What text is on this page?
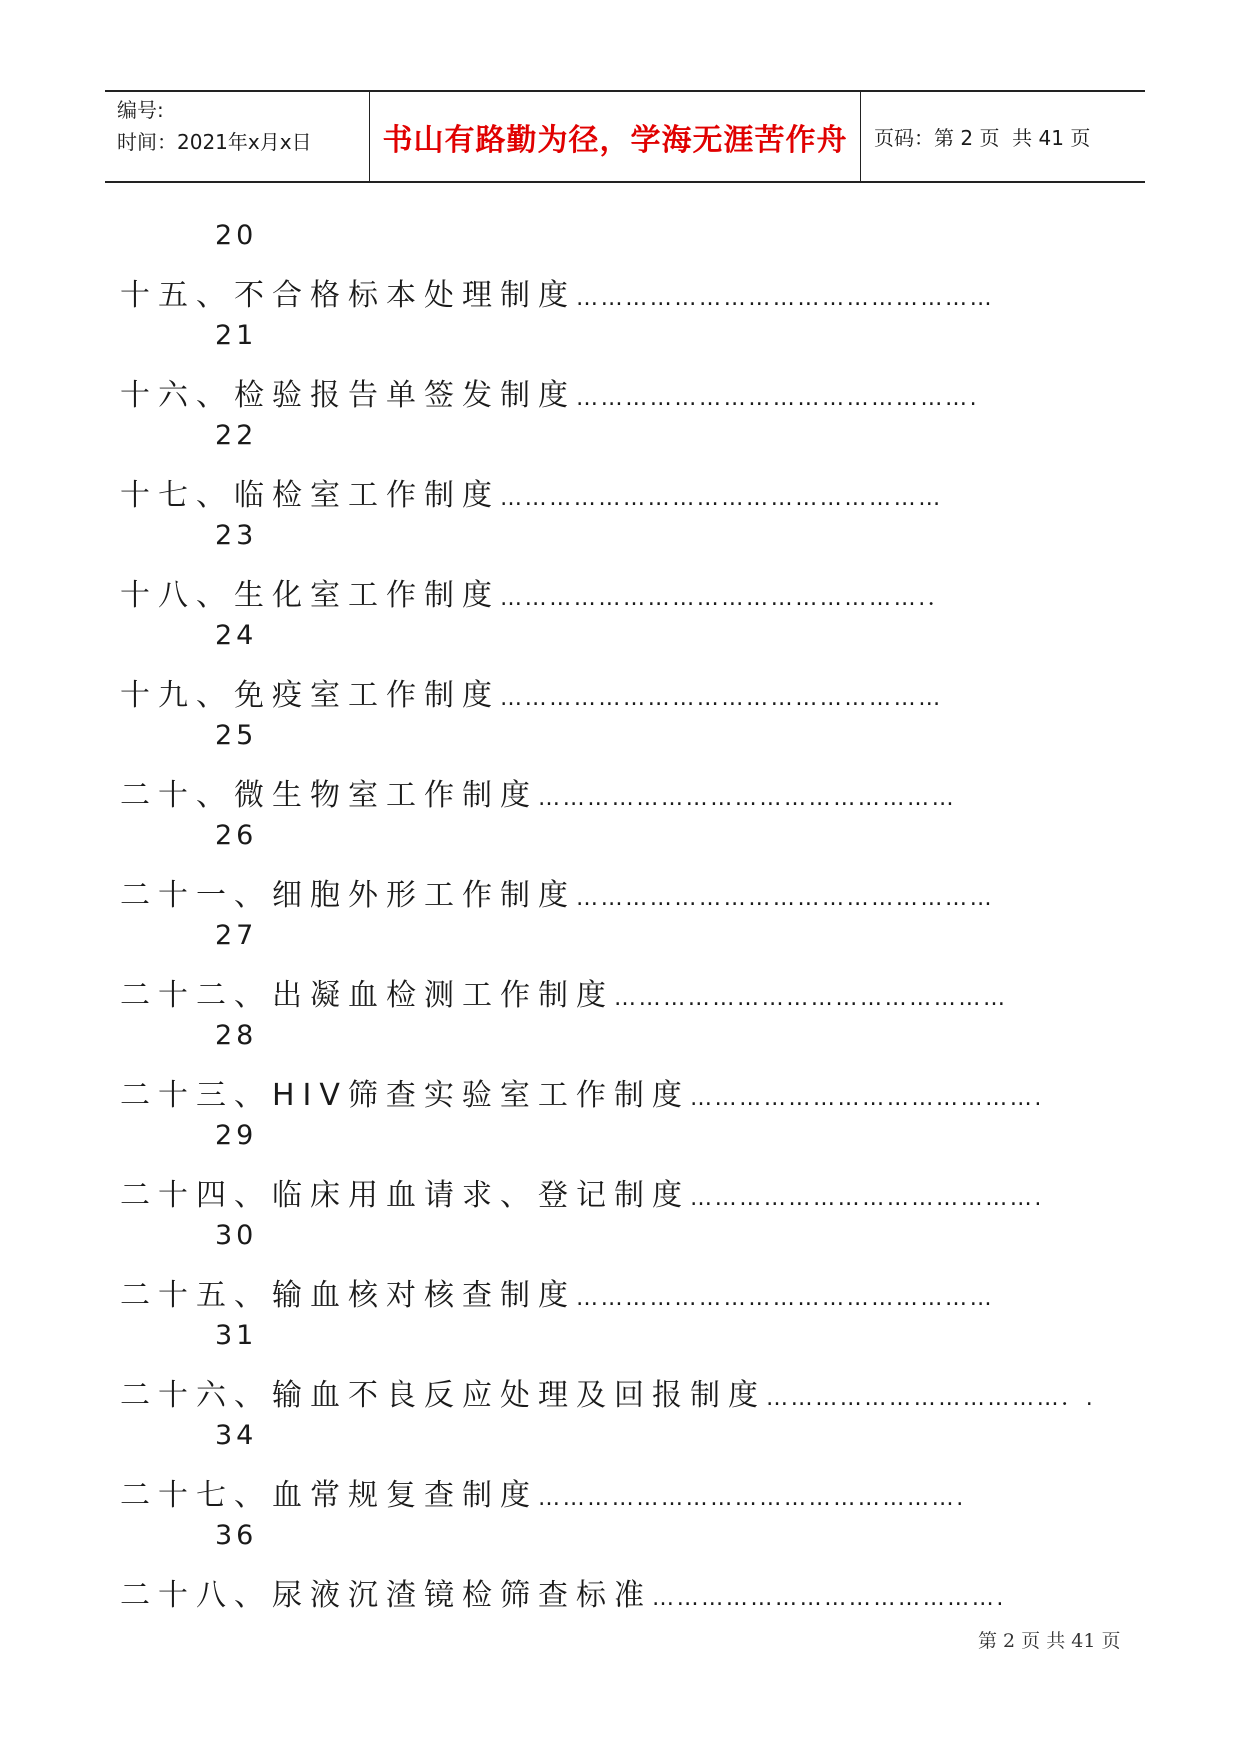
编号:
时间：2021年x月x日	书山有路勤为径，学海无涯苦作舟 页码：第 2 页  共 41 页
20
十五、不合格标本处理制度 ……………………………………………
21
十六、检验报告单签发制度 ………………………………………….
22
十七、临检室工作制度 ………………………………………………
23
十八、生化室工作制度 …………………………………………….．
24
十九、免疫室工作制度 ………………………………………………
25
二十、微生物室工作制度 ……………………………………………
26
二十一、细胞外形工作制度 ……………………………………………
27
二十二、出凝血检测工作制度 …………………………………………
28
二十三、HIV筛查实验室工作制度 …………………………………….
29
二十四、临床用血请求、登记制度 …………………………………….
30
二十五、输血核对核查制度 ……………………………………………
31
二十六、输血不良反应处理及回报制度 ………………………………．.
34
二十七、血常规复查制度 …………………………………………….
36
二十八、尿液沉渣镜检筛查标准 …………………………………….
第 2 页 共 41 页
